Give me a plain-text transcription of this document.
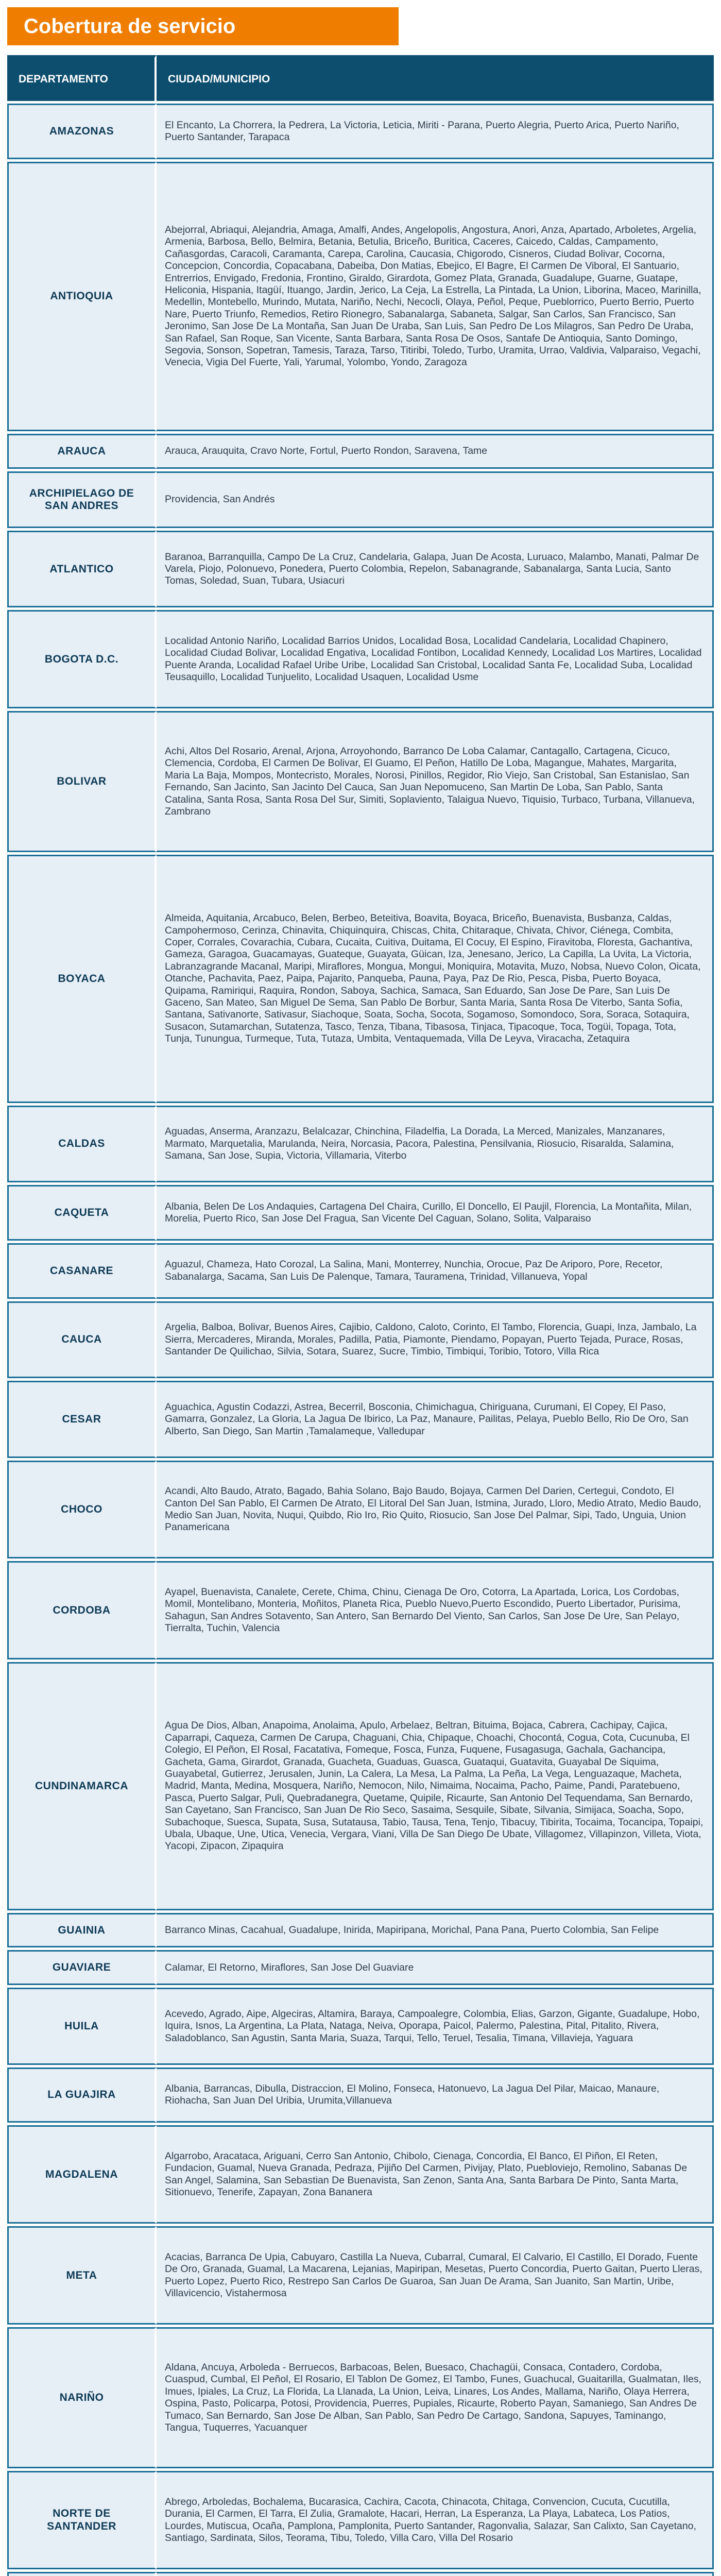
Cobertura de servicio
DEPARTAMENTO	CIUDAD/MUNICIPIO
AMAZONAS	El Encanto, La Chorrera, la Pedrera, La Victoria, Leticia, Miriti - Parana, Puerto Alegria, Puerto Arica, Puerto Nariño, Puerto Santander, Tarapaca
ANTIOQUIA	Abejorral, Abriaqui, Alejandria, Amaga, Amalfi, Andes, Angelopolis, Angostura, Anori, Anza, Apartado, Arboletes, Argelia, Armenia, Barbosa, Bello, Belmira, Betania, Betulia, Briceño, Buritica, Caceres, Caicedo, Caldas, Campamento, Cañasgordas, Caracoli, Caramanta, Carepa, Carolina, Caucasia, Chigorodo, Cisneros, Ciudad Bolivar, Cocorna, Concepcion, Concordia, Copacabana, Dabeiba, Don Matias, Ebejico, El Bagre, El Carmen De Viboral, El Santuario, Entrerrios, Envigado, Fredonia, Frontino, Giraldo, Girardota, Gomez Plata, Granada, Guadalupe, Guarne, Guatape, Heliconia, Hispania, Itagüí, Ituango, Jardin, Jerico, La Ceja, La Estrella, La Pintada, La Union, Liborina, Maceo, Marinilla, Medellin, Montebello, Murindo, Mutata, Nariño, Nechi, Necocli, Olaya, Peñol, Peque, Pueblorrico, Puerto Berrio, Puerto Nare, Puerto Triunfo, Remedios, Retiro Rionegro, Sabanalarga, Sabaneta, Salgar, San Carlos, San Francisco, San Jeronimo, San Jose De La Montaña, San Juan De Uraba, San Luis, San Pedro De Los Milagros, San Pedro De Uraba, San Rafael, San Roque, San Vicente, Santa Barbara, Santa Rosa De Osos, Santafe De Antioquia, Santo Domingo, Segovia, Sonson, Sopetran, Tamesis, Taraza, Tarso, Titiribi, Toledo, Turbo, Uramita, Urrao, Valdivia, Valparaiso, Vegachi, Venecia, Vigia Del Fuerte, Yali, Yarumal, Yolombo, Yondo, Zaragoza
ARAUCA	Arauca, Arauquita, Cravo Norte, Fortul, Puerto Rondon, Saravena, Tame
ARCHIPIELAGO DE SAN ANDRES	Providencia, San Andrés
ATLANTICO	Baranoa, Barranquilla, Campo De La Cruz, Candelaria, Galapa, Juan De Acosta, Luruaco, Malambo, Manati, Palmar De Varela, Piojo, Polonuevo, Ponedera, Puerto Colombia, Repelon, Sabanagrande, Sabanalarga, Santa Lucia, Santo Tomas, Soledad, Suan, Tubara, Usiacuri
BOGOTA D.C.	Localidad Antonio Nariño, Localidad Barrios Unidos, Localidad Bosa, Localidad Candelaria, Localidad Chapinero, Localidad Ciudad Bolivar, Localidad Engativa, Localidad Fontibon, Localidad Kennedy, Localidad Los Martires, Localidad Puente Aranda, Localidad Rafael Uribe Uribe, Localidad San Cristobal, Localidad Santa Fe, Localidad Suba, Localidad Teusaquillo, Localidad Tunjuelito, Localidad Usaquen, Localidad Usme
BOLIVAR	Achi, Altos Del Rosario, Arenal, Arjona, Arroyohondo, Barranco De Loba Calamar, Cantagallo, Cartagena, Cicuco, Clemencia, Cordoba, El Carmen De Bolivar, El Guamo, El Peñon, Hatillo De Loba, Magangue, Mahates, Margarita, Maria La Baja, Mompos, Montecristo, Morales, Norosi, Pinillos, Regidor, Rio Viejo, San Cristobal, San Estanislao, San Fernando, San Jacinto, San Jacinto Del Cauca, San Juan Nepomuceno, San Martin De Loba, San Pablo, Santa Catalina, Santa Rosa, Santa Rosa Del Sur, Simiti, Soplaviento, Talaigua Nuevo, Tiquisio, Turbaco, Turbana, Villanueva, Zambrano
BOYACA	Almeida, Aquitania, Arcabuco, Belen, Berbeo, Beteitiva, Boavita, Boyaca, Briceño, Buenavista, Busbanza, Caldas, Campohermoso, Cerinza, Chinavita, Chiquinquira, Chiscas, Chita, Chitaraque, Chivata, Chivor, Ciénega, Combita, Coper, Corrales, Covarachia, Cubara, Cucaita, Cuitiva, Duitama, El Cocuy, El Espino, Firavitoba, Floresta, Gachantiva, Gameza, Garagoa, Guacamayas, Guateque, Guayata, Güican, Iza, Jenesano, Jerico, La Capilla, La Uvita, La Victoria, Labranzagrande Macanal, Maripi, Miraflores, Mongua, Mongui, Moniquira, Motavita, Muzo, Nobsa, Nuevo Colon, Oicata, Otanche, Pachavita, Paez, Paipa, Pajarito, Panqueba, Pauna, Paya, Paz De Rio, Pesca, Pisba, Puerto Boyaca, Quipama, Ramiriqui, Raquira, Rondon, Saboya, Sachica, Samaca, San Eduardo, San Jose De Pare, San Luis De Gaceno, San Mateo, San Miguel De Sema, San Pablo De Borbur, Santa Maria, Santa Rosa De Viterbo, Santa Sofia, Santana, Sativanorte, Sativasur, Siachoque, Soata, Socha, Socota, Sogamoso, Somondoco, Sora, Soraca, Sotaquira, Susacon, Sutamarchan, Sutatenza, Tasco, Tenza, Tibana, Tibasosa, Tinjaca, Tipacoque, Toca, Togüi, Topaga, Tota, Tunja, Tunungua, Turmeque, Tuta, Tutaza, Umbita, Ventaquemada, Villa De Leyva, Viracacha, Zetaquira
CALDAS	Aguadas, Anserma, Aranzazu, Belalcazar, Chinchina, Filadelfia, La Dorada, La Merced, Manizales, Manzanares, Marmato, Marquetalia, Marulanda, Neira, Norcasia, Pacora, Palestina, Pensilvania, Riosucio, Risaralda, Salamina, Samana, San Jose, Supia, Victoria, Villamaria, Viterbo
CAQUETA	Albania, Belen De Los Andaquies, Cartagena Del Chaira, Curillo, El Doncello, El Paujil, Florencia, La Montañita, Milan, Morelia, Puerto Rico, San Jose Del Fragua, San Vicente Del Caguan, Solano, Solita, Valparaiso
CASANARE	Aguazul, Chameza, Hato Corozal, La Salina, Mani, Monterrey, Nunchia, Orocue, Paz De Ariporo, Pore, Recetor, Sabanalarga, Sacama, San Luis De Palenque, Tamara, Tauramena, Trinidad, Villanueva, Yopal
CAUCA	Argelia, Balboa, Bolivar, Buenos Aires, Cajibio, Caldono, Caloto, Corinto, El Tambo, Florencia, Guapi, Inza, Jambalo, La Sierra, Mercaderes, Miranda, Morales, Padilla, Patia, Piamonte, Piendamo, Popayan, Puerto Tejada, Purace, Rosas, Santander De Quilichao, Silvia, Sotara, Suarez, Sucre, Timbio, Timbiqui, Toribio, Totoro, Villa Rica
CESAR	Aguachica, Agustin Codazzi, Astrea, Becerril, Bosconia, Chimichagua, Chiriguana, Curumani, El Copey, El Paso, Gamarra, Gonzalez, La Gloria, La Jagua De Ibirico, La Paz, Manaure, Pailitas, Pelaya, Pueblo Bello, Rio De Oro, San Alberto, San Diego, San Martin ,Tamalameque, Valledupar
CHOCO	Acandi, Alto Baudo, Atrato, Bagado, Bahia Solano, Bajo Baudo, Bojaya, Carmen Del Darien, Certegui, Condoto, El Canton Del San Pablo, El Carmen De Atrato, El Litoral Del San Juan, Istmina, Jurado, Lloro, Medio Atrato, Medio Baudo, Medio San Juan, Novita, Nuqui, Quibdo, Rio Iro, Rio Quito, Riosucio, San Jose Del Palmar, Sipi, Tado, Unguia, Union Panamericana
CORDOBA	Ayapel, Buenavista, Canalete, Cerete, Chima, Chinu, Cienaga De Oro, Cotorra, La Apartada, Lorica, Los Cordobas, Momil, Montelibano, Monteria, Moñitos, Planeta Rica, Pueblo Nuevo,Puerto Escondido, Puerto Libertador, Purisima, Sahagun, San Andres Sotavento, San Antero, San Bernardo Del Viento, San Carlos, San Jose De Ure, San Pelayo, Tierralta, Tuchin, Valencia
CUNDINAMARCA	Agua De Dios, Alban, Anapoima, Anolaima, Apulo, Arbelaez, Beltran, Bituima, Bojaca, Cabrera, Cachipay, Cajica, Caparrapi, Caqueza, Carmen De Carupa, Chaguani, Chia, Chipaque, Choachi, Chocontá, Cogua, Cota, Cucunuba, El Colegio, El Peñon, El Rosal, Facatativa, Fomeque, Fosca, Funza, Fuquene, Fusagasuga, Gachala, Gachancipa, Gacheta, Gama, Girardot, Granada, Guacheta, Guaduas, Guasca, Guataqui, Guatavita, Guayabal De Siquima, Guayabetal, Gutierrez, Jerusalen, Junin, La Calera, La Mesa, La Palma, La Peña, La Vega, Lenguazaque, Macheta, Madrid, Manta, Medina, Mosquera, Nariño, Nemocon, Nilo, Nimaima, Nocaima, Pacho, Paime, Pandi, Paratebueno, Pasca, Puerto Salgar, Puli, Quebradanegra, Quetame, Quipile, Ricaurte, San Antonio Del Tequendama, San Bernardo, San Cayetano, San Francisco, San Juan De Rio Seco, Sasaima, Sesquile, Sibate, Silvania, Simijaca, Soacha, Sopo, Subachoque, Suesca, Supata, Susa, Sutatausa, Tabio, Tausa, Tena, Tenjo, Tibacuy, Tibirita, Tocaima, Tocancipa, Topaipi, Ubala, Ubaque, Une, Utica, Venecia, Vergara, Viani, Villa De San Diego De Ubate, Villagomez, Villapinzon, Villeta, Viota, Yacopi, Zipacon, Zipaquira
GUAINIA	Barranco Minas, Cacahual, Guadalupe, Inirida, Mapiripana, Morichal, Pana Pana, Puerto Colombia, San Felipe
GUAVIARE	Calamar, El Retorno, Miraflores, San Jose Del Guaviare
HUILA	Acevedo, Agrado, Aipe, Algeciras, Altamira, Baraya, Campoalegre, Colombia, Elias, Garzon, Gigante, Guadalupe, Hobo, Iquira, Isnos, La Argentina, La Plata, Nataga, Neiva, Oporapa, Paicol, Palermo, Palestina, Pital, Pitalito, Rivera, Saladoblanco, San Agustin, Santa Maria, Suaza, Tarqui, Tello, Teruel, Tesalia, Timana, Villavieja, Yaguara
LA GUAJIRA	Albania, Barrancas, Dibulla, Distraccion, El Molino, Fonseca, Hatonuevo, La Jagua Del Pilar, Maicao, Manaure, Riohacha, San Juan Del Uribia, Urumita,Villanueva
MAGDALENA	Algarrobo, Aracataca, Ariguani, Cerro San Antonio, Chibolo, Cienaga, Concordia, El Banco, El Piñon, El Reten, Fundacion, Guamal, Nueva Granada, Pedraza, Pijiño Del Carmen, Pivijay, Plato, Puebloviejo, Remolino, Sabanas De San Angel, Salamina, San Sebastian De Buenavista, San Zenon, Santa Ana, Santa Barbara De Pinto, Santa Marta, Sitionuevo, Tenerife, Zapayan, Zona Bananera
META	Acacias, Barranca De Upia, Cabuyaro, Castilla La Nueva, Cubarral, Cumaral, El Calvario, El Castillo, El Dorado, Fuente De Oro, Granada, Guamal, La Macarena, Lejanias, Mapiripan, Mesetas, Puerto Concordia, Puerto Gaitan, Puerto Lleras, Puerto Lopez, Puerto Rico, Restrepo San Carlos De Guaroa, San Juan De Arama, San Juanito, San Martin, Uribe, Villavicencio, Vistahermosa
NARIÑO	Aldana, Ancuya, Arboleda - Berruecos, Barbacoas, Belen, Buesaco, Chachagüi, Consaca, Contadero, Cordoba, Cuaspud, Cumbal, El Peñol, El Rosario, El Tablon De Gomez, El Tambo, Funes, Guachucal, Guaitarilla, Gualmatan, Iles, Imues, Ipiales, La Cruz, La Florida, La Llanada, La Union, Leiva, Linares, Los Andes, Mallama, Nariño, Olaya Herrera, Ospina, Pasto, Policarpa, Potosi, Providencia, Puerres, Pupiales, Ricaurte, Roberto Payan, Samaniego, San Andres De Tumaco, San Bernardo, San Jose De Alban, San Pablo, San Pedro De Cartago, Sandona, Sapuyes, Taminango, Tangua, Tuquerres, Yacuanquer
NORTE DE SANTANDER	Abrego, Arboledas, Bochalema, Bucarasica, Cachira, Cacota, Chinacota, Chitaga, Convencion, Cucuta, Cucutilla, Durania, El Carmen, El Tarra, El Zulia, Gramalote, Hacari, Herran, La Esperanza, La Playa, Labateca, Los Patios, Lourdes, Mutiscua, Ocaña, Pamplona, Pamplonita, Puerto Santander, Ragonvalia, Salazar, San Calixto, San Cayetano, Santiago, Sardinata, Silos, Teorama, Tibu, Toledo, Villa Caro, Villa Del Rosario
